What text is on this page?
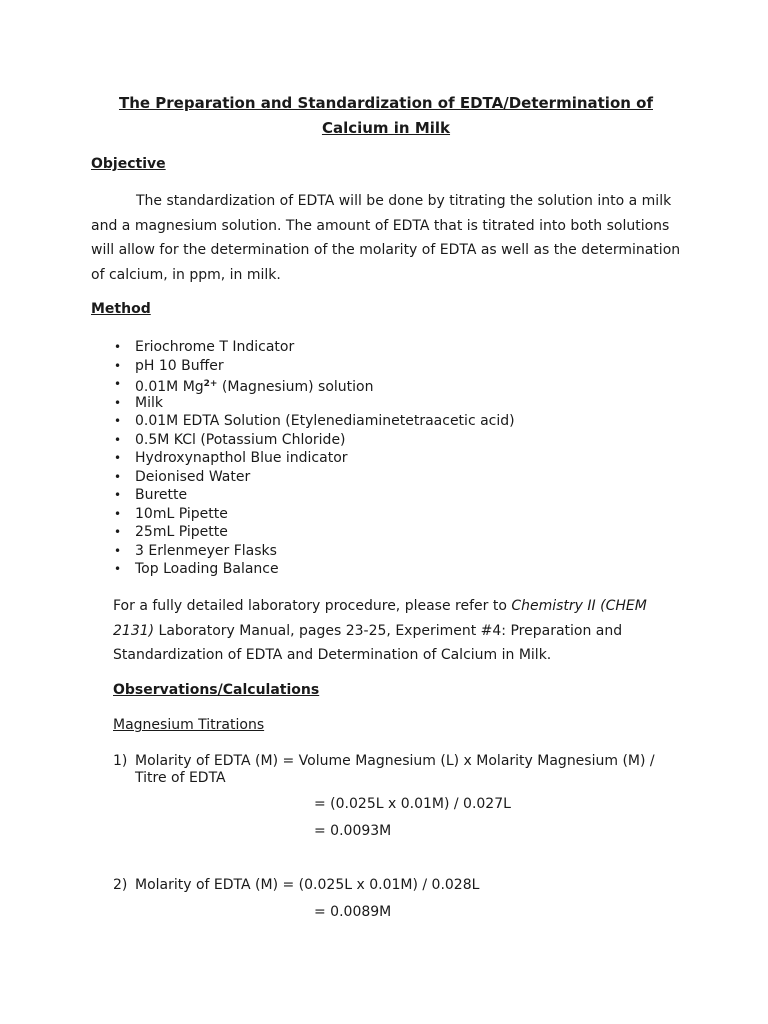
The Preparation and Standardization of EDTA/Determination of
Calcium in Milk
Objective
The standardization of EDTA will be done by titrating the solution into a milk
and a magnesium solution. The amount of EDTA that is titrated into both solutions
will allow for the determination of the molarity of EDTA as well as the determination
of calcium, in ppm, in milk.
Method
• Eriochrome T Indicator
• pH 10 Buffer
• 0.01M $Mg^{2+}$ (Magnesium) solution
• Milk
• 0.01M EDTA Solution (Etylenediaminetetraacetic acid)
• 0.5M KCl (Potassium Chloride)
• Hydroxynapthol Blue indicator
• Deionised Water
• Burette
• 10mL Pipette
• 25mL Pipette
• 3 Erlenmeyer Flasks
• Top Loading Balance
For a fully detailed laboratory procedure, please refer to Chemistry II (CHEM
2131) Laboratory Manual, pages 23-25, Experiment #4: Preparation and
Standardization of EDTA and Determination of Calcium in Milk.
Observations/Calculations
Magnesium Titrations
1) Molarity of EDTA (M) = Volume Magnesium (L) x Molarity Magnesium (M) /
Titre of EDTA
= (0.025L x 0.01M) / 0.027L
= 0.0093M
2) Molarity of EDTA (M) = (0.025L x 0.01M) / 0.028L
= 0.0089M
